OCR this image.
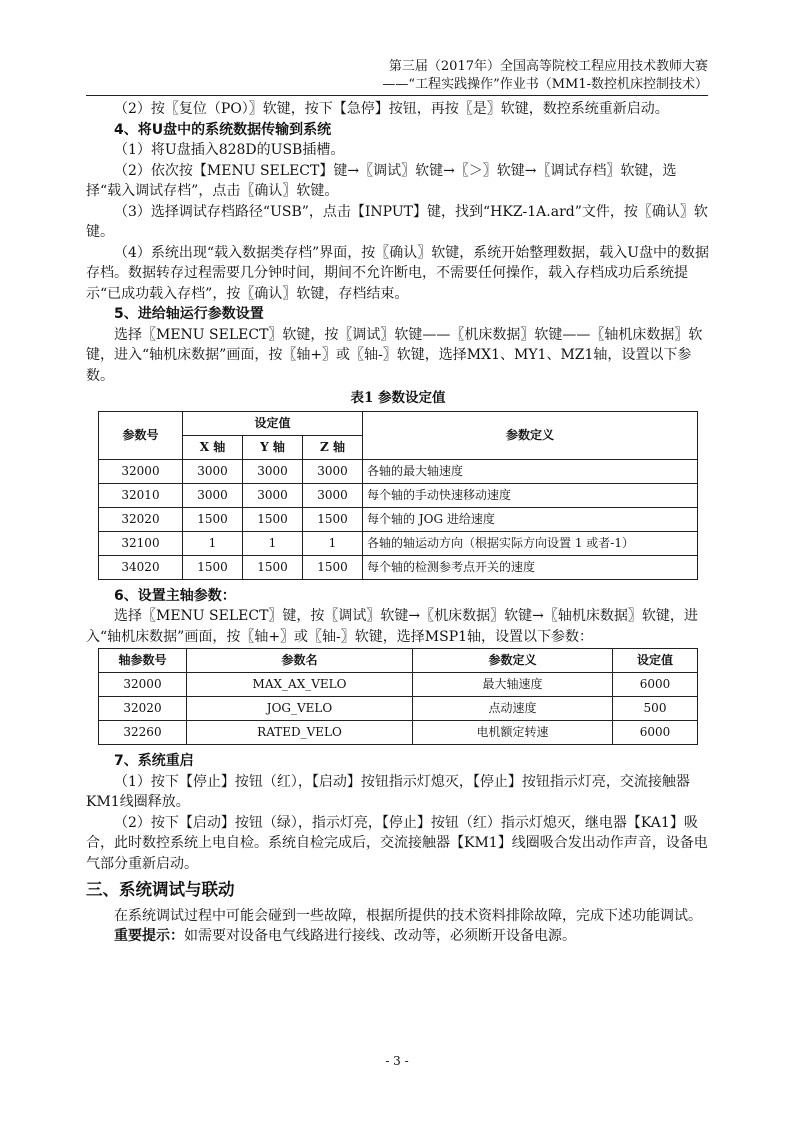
第三届（2017年）全国高等院校工程应用技术教师大赛
——“工程实践操作”作业书（MM1-数控机床控制技术）

（2）按〖复位（PO）〗软键，按下【急停】按钮，再按〖是〗软键，数控系统重新启动。

4、将U盘中的系统数据传输到系统

（1）将U盘插入828D的USB插槽。

（2）依次按【MENU SELECT】键→〖调试〗软键→〖＞〗软键→〖调试存档〗软键，选择“载入调试存档”，点击〖确认〗软键。

（3）选择调试存档路径“USB”，点击【INPUT】键，找到“HKZ-1A.ard”文件，按〖确认〗软键。

（4）系统出现“载入数据类存档”界面，按〖确认〗软键，系统开始整理数据，载入U盘中的数据存档。数据转存过程需要几分钟时间，期间不允许断电，不需要任何操作，载入存档成功后系统提示“已成功载入存档”，按〖确认〗软键，存档结束。

5、进给轴运行参数设置

选择〖MENU SELECT〗软键，按〖调试〗软键——〖机床数据〗软键——〖轴机床数据〗软键，进入“轴机床数据”画面，按〖轴+〗或〖轴-〗软键，选择MX1、MY1、MZ1轴，设置以下参数。

表1 参数设定值
参数号	设定值			参数定义
	X 轴	Y 轴	Z 轴	
32000	3000	3000	3000	各轴的最大轴速度
32010	3000	3000	3000	每个轴的手动快速移动速度
32020	1500	1500	1500	每个轴的 JOG 进给速度
32100	1	1	1	各轴的轴运动方向（根据实际方向设置 1 或者-1）
34020	1500	1500	1500	每个轴的检测参考点开关的速度

6、设置主轴参数：

选择〖MENU SELECT〗键，按〖调试〗软键→〖机床数据〗软键→〖轴机床数据〗软键，进入“轴机床数据”画面，按〖轴+〗或〖轴-〗软键，选择MSP1轴，设置以下参数：

轴参数号	参数名	参数定义	设定值
32000	MAX_AX_VELO	最大轴速度	6000
32020	JOG_VELO	点动速度	500
32260	RATED_VELO	电机额定转速	6000

7、系统重启

（1）按下【停止】按钮（红），【启动】按钮指示灯熄灭，【停止】按钮指示灯亮，交流接触器KM1线圈释放。

（2）按下【启动】按钮（绿），指示灯亮，【停止】按钮（红）指示灯熄灭，继电器【KA1】吸合，此时数控系统上电自检。系统自检完成后，交流接触器【KM1】线圈吸合发出动作声音，设备电气部分重新启动。

三、系统调试与联动

在系统调试过程中可能会碰到一些故障，根据所提供的技术资料排除故障，完成下述功能调试。

重要提示：如需要对设备电气线路进行接线、改动等，必须断开设备电源。

- 3 -
